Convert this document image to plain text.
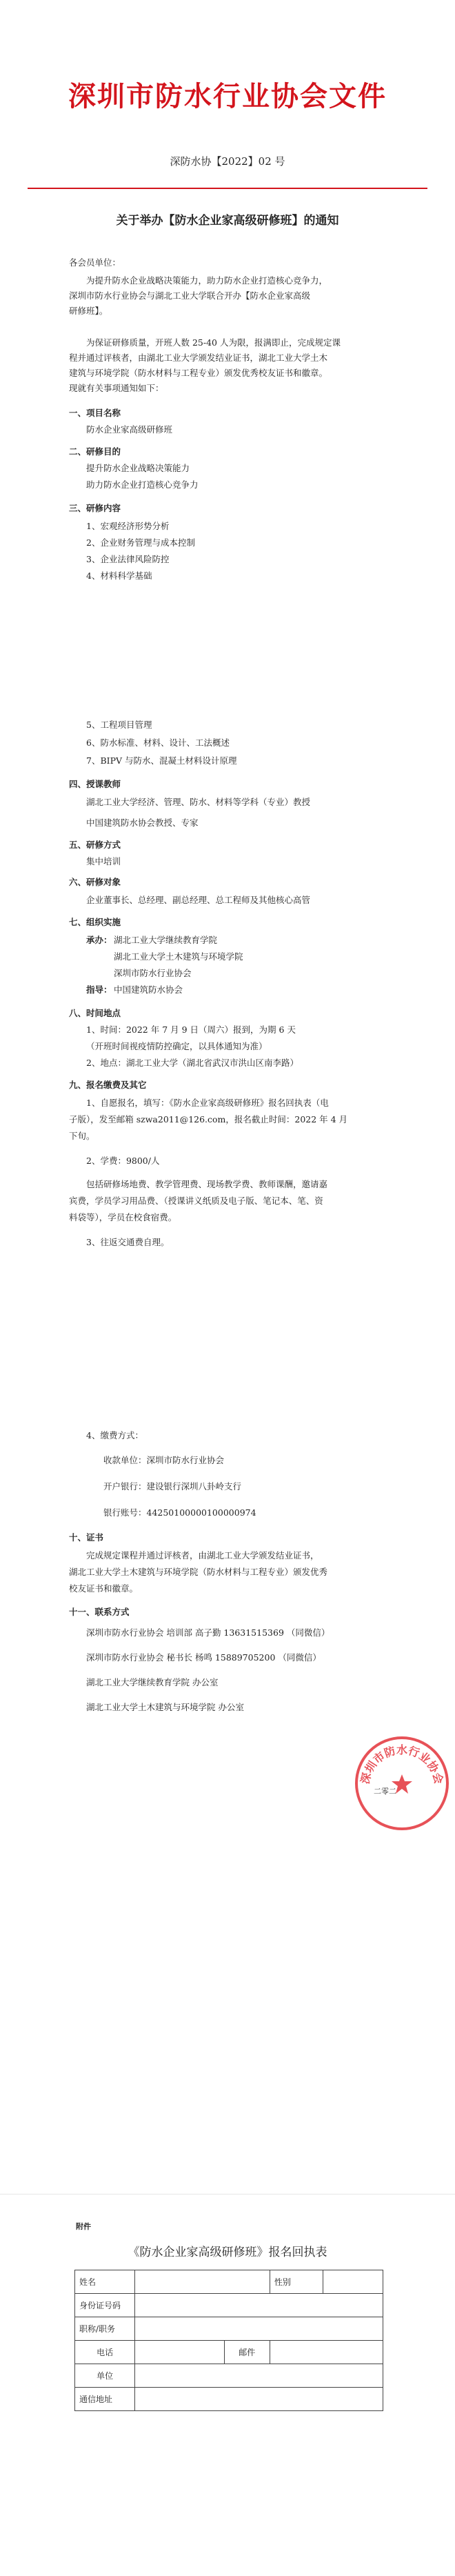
深圳市防水行业协会文件
深防水协【2022】02 号
关于举办【防水企业家高级研修班】的通知
各会员单位：
为提升防水企业战略决策能力，助力防水企业打造核心竞争力，
深圳市防水行业协会与湖北工业大学联合开办【防水企业家高级
研修班】。
为保证研修质量，开班人数 25-40 人为限，报满即止，完成规定课
程并通过评核者，由湖北工业大学颁发结业证书，湖北工业大学土木
建筑与环境学院（防水材料与工程专业）颁发优秀校友证书和徽章。
现就有关事项通知如下：
一、项目名称
防水企业家高级研修班
二、研修目的
提升防水企业战略决策能力
助力防水企业打造核心竞争力
三、研修内容
1、宏观经济形势分析
2、企业财务管理与成本控制
3、企业法律风险防控
4、材料科学基础
5、工程项目管理
6、防水标准、材料、设计、工法概述
7、BIPV 与防水、混凝土材料设计原理
四、授课教师
湖北工业大学经济、管理、防水、材料等学科（专业）教授
中国建筑防水协会教授、专家
五、研修方式
集中培训
六、研修对象
企业董事长、总经理、副总经理、总工程师及其他核心高管
七、组织实施
承办： 湖北工业大学继续教育学院
湖北工业大学土木建筑与环境学院
深圳市防水行业协会
指导： 中国建筑防水协会
八、时间地点
1、时间：2022 年 7 月 9 日（周六）报到，为期 6 天
（开班时间视疫情防控确定，以具体通知为准）
2、地点：湖北工业大学（湖北省武汉市洪山区南李路）
九、报名缴费及其它
1、自愿报名，填写：《防水企业家高级研修班》报名回执表（电
子版），发至邮箱 szwa2011@126.com，报名截止时间：2022 年 4 月
下旬。
2、学费：9800/人
包括研修场地费、教学管理费、现场教学费、教师课酬，邀请嘉
宾费，学员学习用品费、（授课讲义纸质及电子版、笔记本、笔、资
料袋等），学员在校食宿费。
3、往返交通费自理。
4、缴费方式：
收款单位：深圳市防水行业协会
开户银行：建设银行深圳八卦岭支行
银行账号：44250100000100000974
十、证书
完成规定课程并通过评核者，由湖北工业大学颁发结业证书，
湖北工业大学土木建筑与环境学院（防水材料与工程专业）颁发优秀
校友证书和徽章。
十一、联系方式
深圳市防水行业协会 培训部 高子勤 13631515369 （同微信）
深圳市防水行业协会 秘书长 杨鸣 15889705200 （同微信）
湖北工业大学继续教育学院 办公室
湖北工业大学土木建筑与环境学院 办公室
二零二
深圳市防水行业协会
附件
《防水企业家高级研修班》报名回执表
姓名			性别	
身份证号码				
职称/职务				
电话		邮件		
单位				
通信地址				
